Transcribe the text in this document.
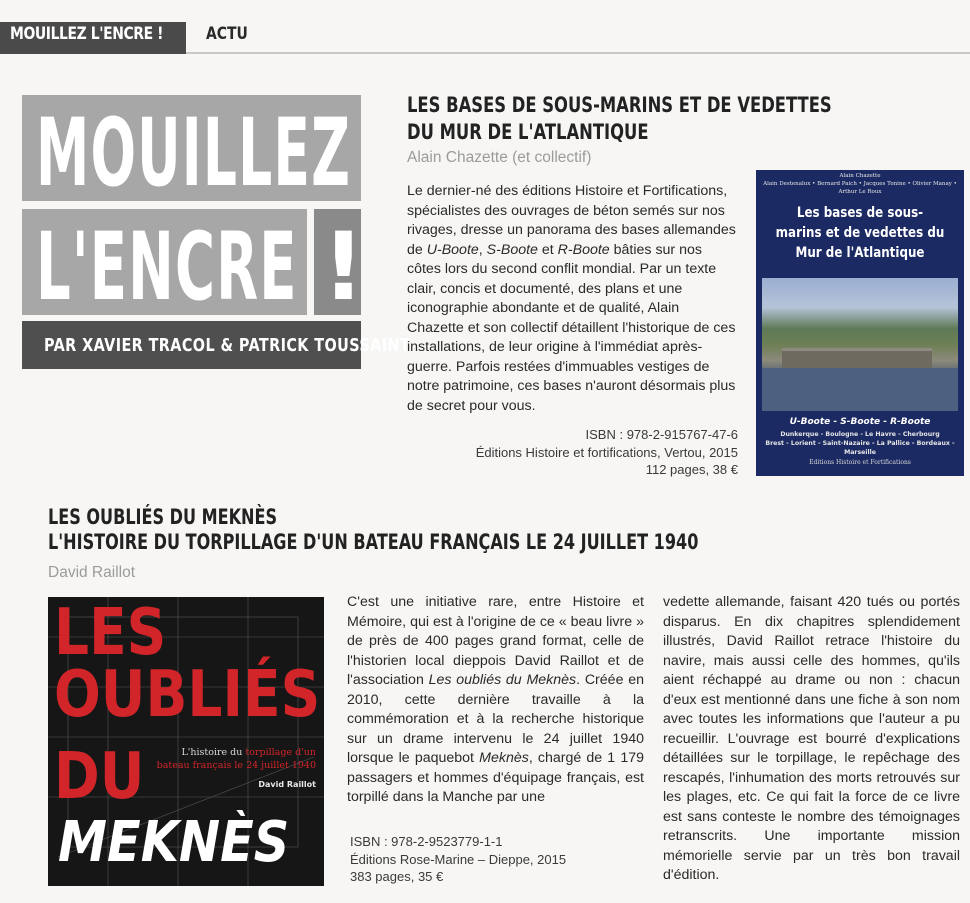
MOUILLEZ L'ENCRE !	ACTU
MOUILLEZ
L'ENCRE !
PAR XAVIER TRACOL & PATRICK TOUSSAINT
LES BASES DE SOUS-MARINS ET DE VEDETTES
DU MUR DE L'ATLANTIQUE
Alain Chazette (et collectif)
Le dernier-né des éditions Histoire et Fortifications, spécialistes des ouvrages de béton semés sur nos rivages, dresse un panorama des bases allemandes de U-Boote, S-Boote et R-Boote bâties sur nos côtes lors du second conflit mondial. Par un texte clair, concis et documenté, des plans et une iconographie abondante et de qualité, Alain Chazette et son collectif détaillent l'historique de ces installations, de leur origine à l'immédiat après-guerre. Parfois restées d'immuables vestiges de notre patrimoine, ces bases n'auront désormais plus de secret pour vous.
ISBN : 978-2-915767-47-6
Éditions Histoire et fortifications, Vertou, 2015
112 pages, 38 €
Alain Chazette
Alain Destenalux • Bernard Paich • Jacques Tonine • Olivier Manay • Arthur Le Roux
Les bases de sous-marins et de vedettes du Mur de l'Atlantique
U-Boote - S-Boote - R-Boote
Dunkerque - Boulogne - Le Havre - Cherbourg
Brest - Lorient - Saint-Nazaire - La Pallice - Bordeaux - Marseille
Editions Histoire et Fortifications
LES OUBLIÉS DU MEKNÈS
L'HISTOIRE DU TORPILLAGE D'UN BATEAU FRANÇAIS LE 24 JUILLET 1940
David Raillot
LES
OUBLIÉS
DU	L'histoire du torpillage d'un bateau français le 24 juillet 1940
David Raillot
MEKNÈS
C'est une initiative rare, entre Histoire et Mémoire, qui est à l'origine de ce « beau livre » de près de 400 pages grand format, celle de l'historien local dieppois David Raillot et de l'association Les oubliés du Meknès. Créée en 2010, cette dernière travaille à la commémoration et à la recherche historique sur un drame intervenu le 24 juillet 1940 lorsque le paquebot Meknès, chargé de 1 179 passagers et hommes d'équipage français, est torpillé dans la Manche par une
vedette allemande, faisant 420 tués ou portés disparus. En dix chapitres splendidement illustrés, David Raillot retrace l'histoire du navire, mais aussi celle des hommes, qu'ils aient réchappé au drame ou non : chacun d'eux est mentionné dans une fiche à son nom avec toutes les informations que l'auteur a pu recueillir. L'ouvrage est bourré d'explications détaillées sur le torpillage, le repêchage des rescapés, l'inhumation des morts retrouvés sur les plages, etc. Ce qui fait la force de ce livre est sans conteste le nombre des témoignages retranscrits. Une importante mission mémorielle servie par un très bon travail d'édition.
ISBN : 978-2-9523779-1-1
Éditions Rose-Marine – Dieppe, 2015
383 pages, 35 €
